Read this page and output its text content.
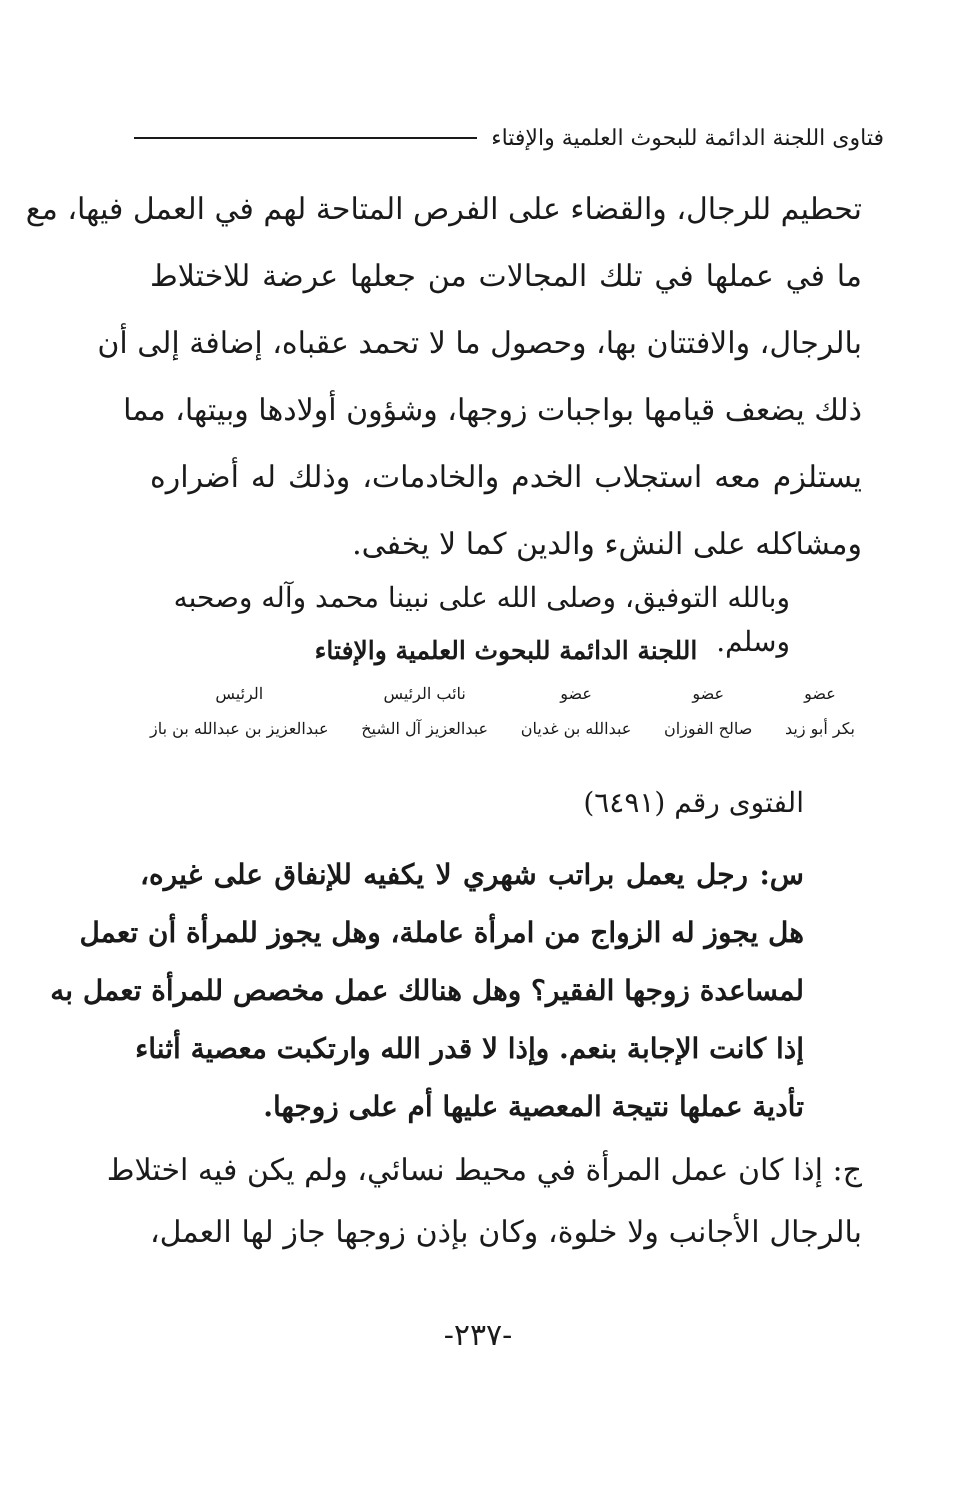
فتاوى اللجنة الدائمة للبحوث العلمية والإفتاء
تحطيم للرجال، والقضاء على الفرص المتاحة لهم في العمل فيها، مع
ما في عملها في تلك المجالات من جعلها عرضة للاختلاط
بالرجال، والافتتان بها، وحصول ما لا تحمد عقباه، إضافة إلى أن
ذلك يضعف قيامها بواجبات زوجها، وشؤون أولادها وبيتها، مما
يستلزم معه استجلاب الخدم والخادمات، وذلك له أضراره
ومشاكله على النشء والدين كما لا يخفى.
وبالله التوفيق، وصلى الله على نبينا محمد وآله وصحبه وسلم.
اللجنة الدائمة للبحوث العلمية والإفتاء
عضو
بكر أبو زيد
عضو
صالح الفوزان
عضو
عبدالله بن غديان
نائب الرئيس
عبدالعزيز آل الشيخ
الرئيس
عبدالعزيز بن عبدالله بن باز
الفتوى رقم (٦٤٩١)
س: رجل يعمل براتب شهري لا يكفيه للإنفاق على غيره،
هل يجوز له الزواج من امرأة عاملة، وهل يجوز للمرأة أن تعمل
لمساعدة زوجها الفقير؟ وهل هنالك عمل مخصص للمرأة تعمل به
إذا كانت الإجابة بنعم. وإذا لا قدر الله وارتكبت معصية أثناء
تأدية عملها نتيجة المعصية عليها أم على زوجها.
ج: إذا كان عمل المرأة في محيط نسائي، ولم يكن فيه اختلاط
بالرجال الأجانب ولا خلوة، وكان بإذن زوجها جاز لها العمل،
-٢٣٧-
